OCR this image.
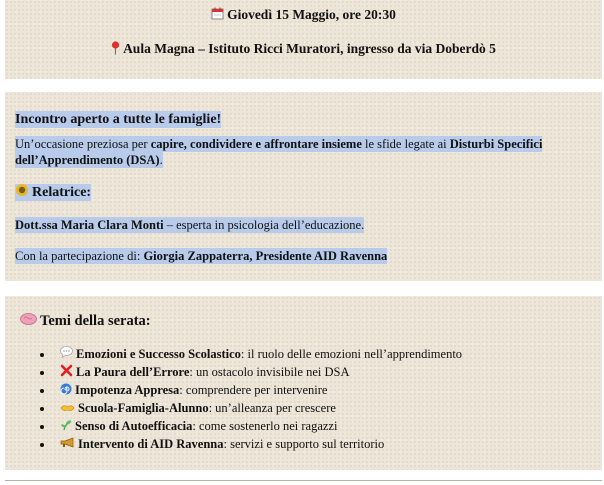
Giovedì 15 Maggio, ore 20:30
Aula Magna – Istituto Ricci Muratori, ingresso da via Doberdò 5
Incontro aperto a tutte le famiglie!
Un’occasione preziosa per capire, condividere e affrontare insieme le sfide legate ai Disturbi Specifici
dell’Apprendimento (DSA).
Relatrice:
Dott.ssa Maria Clara Monti – esperta in psicologia dell’educazione.
Con la partecipazione di: Giorgia Zappaterra, Presidente AID Ravenna
Temi della serata:
Emozioni e Successo Scolastico: il ruolo delle emozioni nell’apprendimento
La Paura dell’Errore: un ostacolo invisibile nei DSA
Impotenza Appresa: comprendere per intervenire
Scuola-Famiglia-Alunno: un’alleanza per crescere
Senso di Autoefficacia: come sostenerlo nei ragazzi
Intervento di AID Ravenna: servizi e supporto sul territorio
